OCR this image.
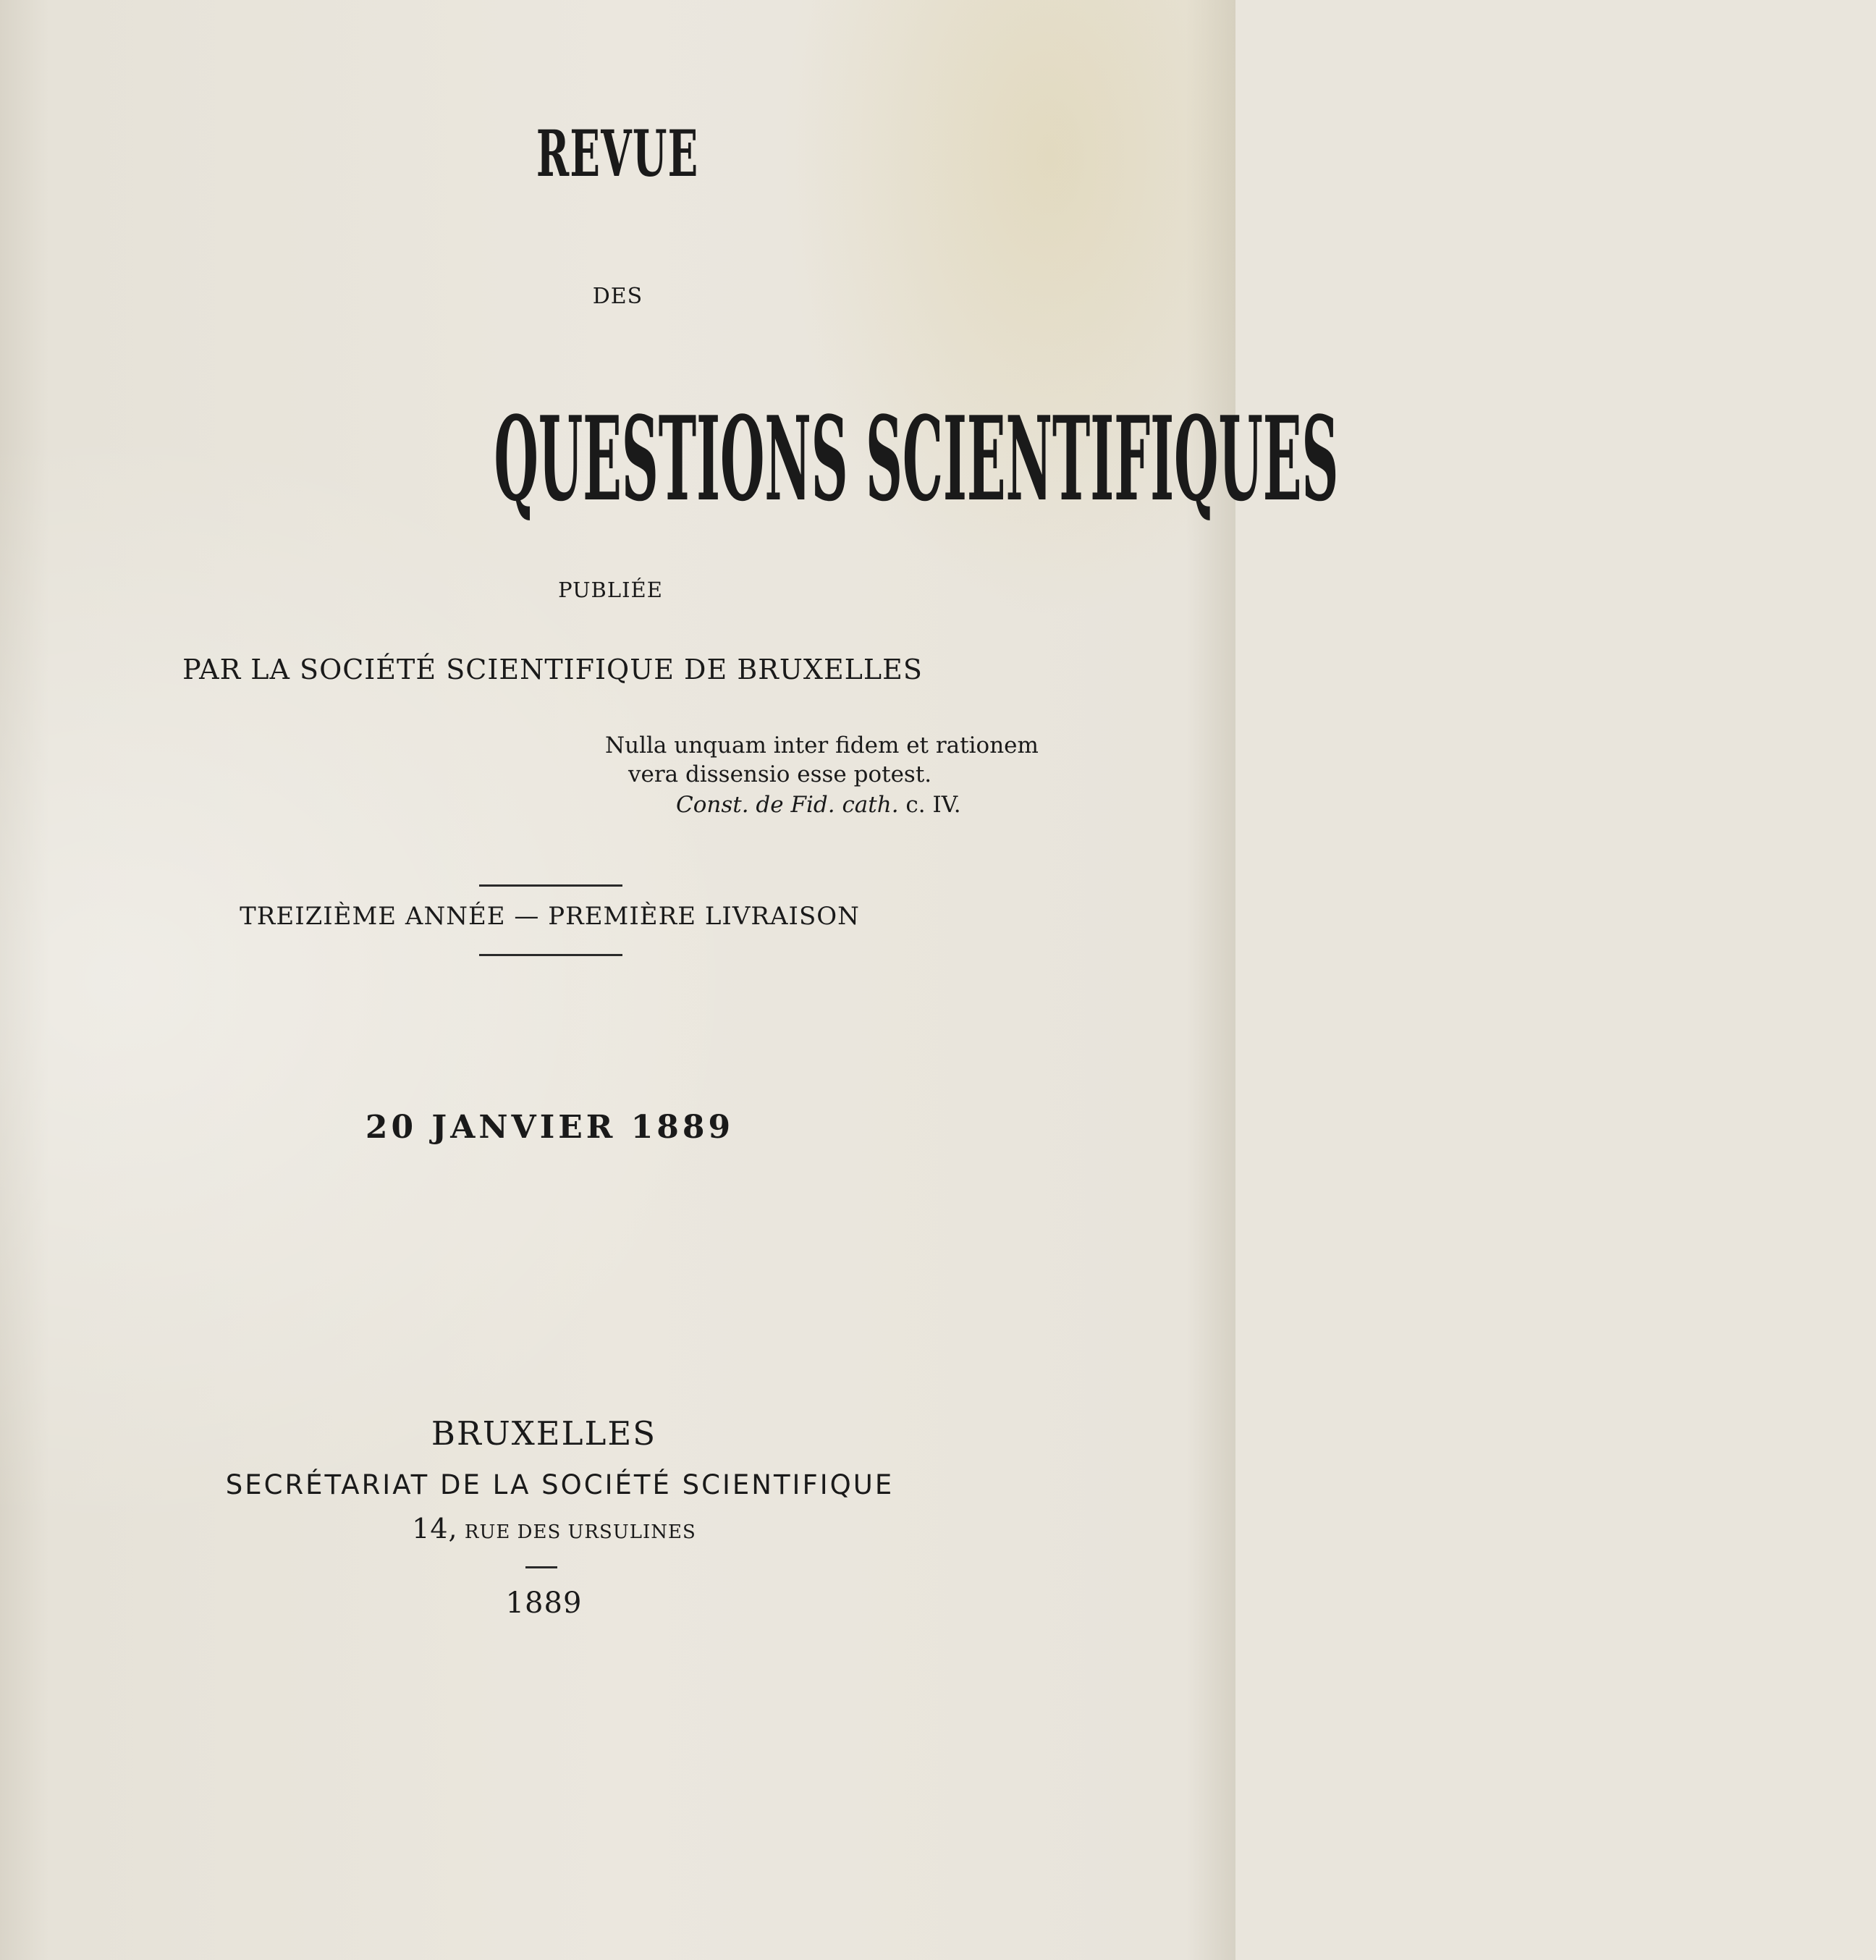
REVUE
DES
QUESTIONS SCIENTIFIQUES
PUBLIÉE
PAR LA SOCIÉTÉ SCIENTIFIQUE DE BRUXELLES
Nulla unquam inter fidem et rationem
vera dissensio esse potest.
Const. de Fid. cath. c. IV.
TREIZIÈME ANNÉE — PREMIÈRE LIVRAISON
20 JANVIER 1889
BRUXELLES
SECRÉTARIAT DE LA SOCIÉTÉ SCIENTIFIQUE
14, RUE DES URSULINES
1889
